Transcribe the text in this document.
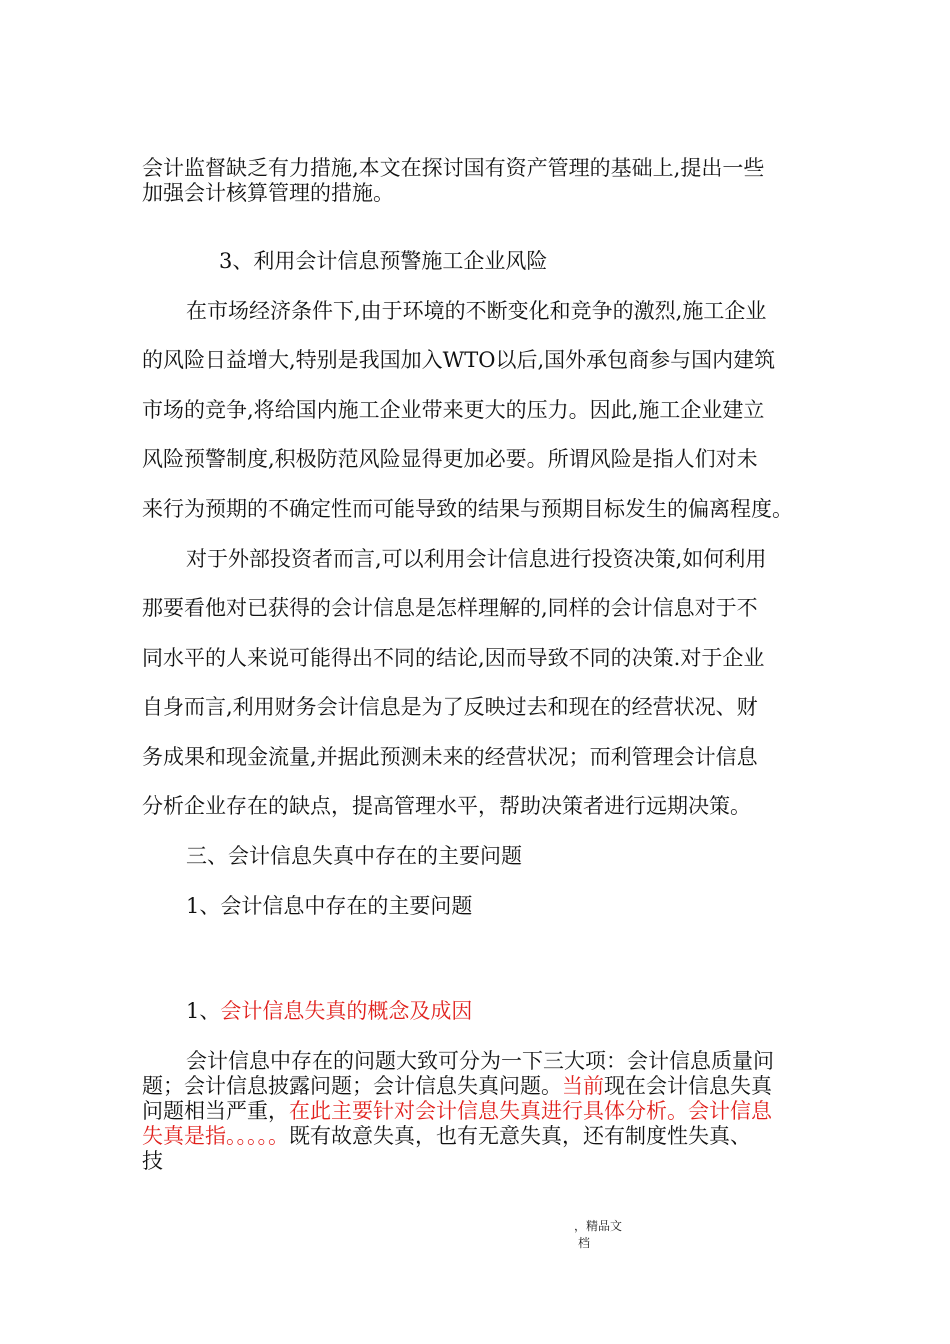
会计监督缺乏有力措施,本文在探讨国有资产管理的基础上,提出一些

加强会计核算管理的措施。

3、利用会计信息预警施工企业风险

在市场经济条件下,由于环境的不断变化和竞争的激烈,施工企业

的风险日益增大,特别是我国加入WTO以后,国外承包商参与国内建筑

市场的竞争,将给国内施工企业带来更大的压力。因此,施工企业建立

风险预警制度,积极防范风险显得更加必要。所谓风险是指人们对未

来行为预期的不确定性而可能导致的结果与预期目标发生的偏离程度。

对于外部投资者而言,可以利用会计信息进行投资决策,如何利用

那要看他对已获得的会计信息是怎样理解的,同样的会计信息对于不

同水平的人来说可能得出不同的结论,因而导致不同的决策.对于企业

自身而言,利用财务会计信息是为了反映过去和现在的经营状况、财

务成果和现金流量,并据此预测未来的经营状况；而利管理会计信息

分析企业存在的缺点，提高管理水平，帮助决策者进行远期决策。

三、会计信息失真中存在的主要问题

1、会计信息中存在的主要问题

1、会计信息失真的概念及成因

会计信息中存在的问题大致可分为一下三大项：会计信息质量问

题；会计信息披露问题；会计信息失真问题。当前现在会计信息失真

问题相当严重，在此主要针对会计信息失真进行具体分析。会计信息

失真是指。。。。。既有故意失真，也有无意失真，还有制度性失真、

技

，精品文
档
